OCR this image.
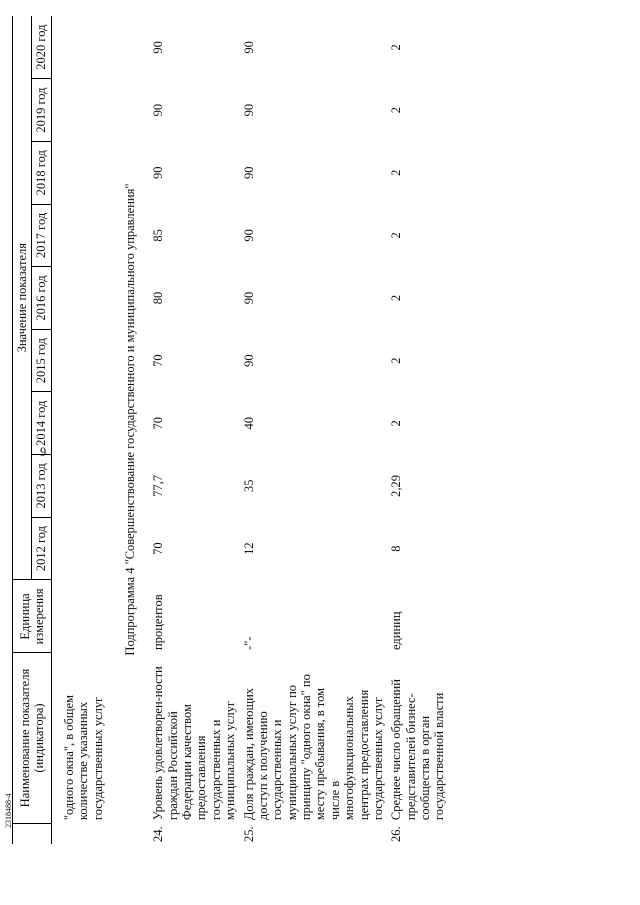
9
	Наименование показателя (индикатора)	Единица измерения	Значение показателя								
			2012 год	2013 год	2014 год	2015 год	2016 год	2017 год	2018 год	2019 год	2020 год
	"одного окна", в общем количестве указанных государственных услуг										
	Подпрограмма 4 "Совершенствование государственного и муниципального управления"										
24.	Уровень удовлетворен-ности граждан Российской Федерации качеством предоставления государственных и муниципальных услуг	процентов	70	77,7	70	70	80	85	90	90	90
25.	Доля граждан, имеющих доступ к получению государственных и муниципальных услуг по принципу "одного окна" по месту пребывания, в том числе в многофункциональных центрах предоставления государственных услуг	-"-	12	35	40	90	90	90	90	90	90
26.	Среднее число обращений представителей бизнес-сообщества в орган государственной власти	единиц	8	2,29	2	2	2	2	2	2	2
2318488-4
